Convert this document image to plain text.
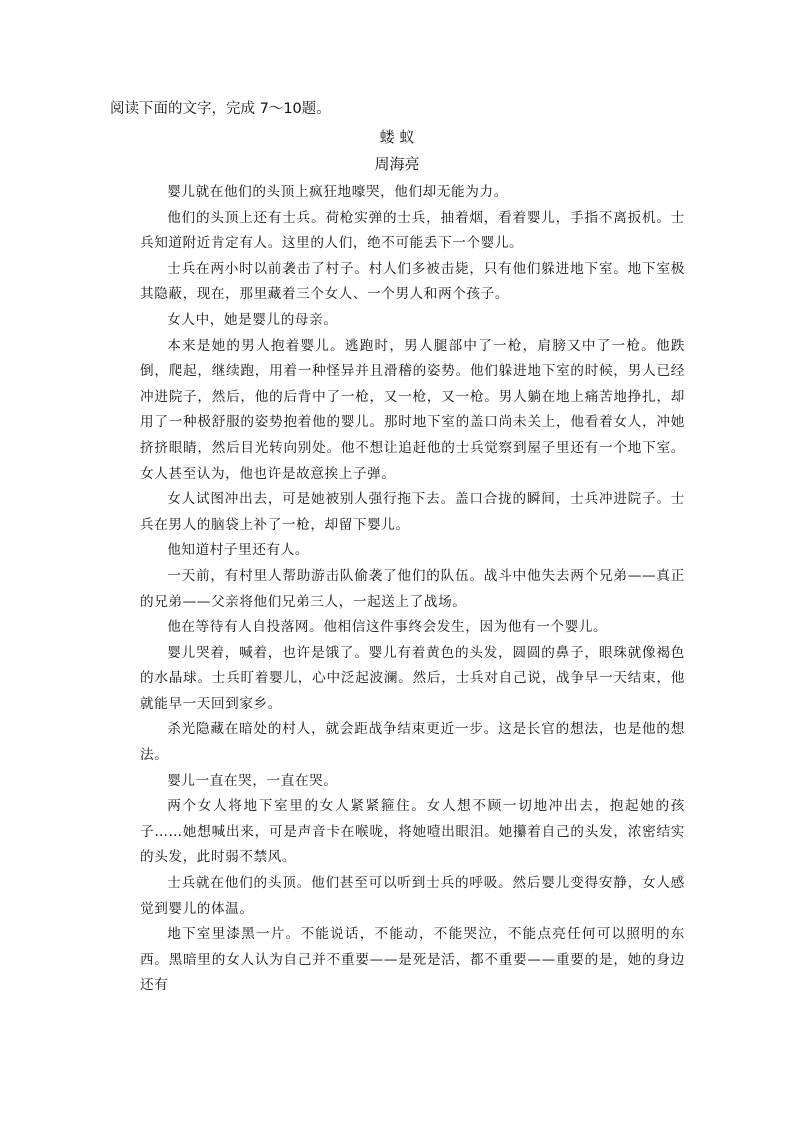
阅读下面的文字，完成 7～10题。
蝼 蚁
周海亮

婴儿就在他们的头顶上疯狂地嚎哭，他们却无能为力。

他们的头顶上还有士兵。荷枪实弹的士兵，抽着烟，看着婴儿，手指不离扳机。士兵知道附近肯定有人。这里的人们，绝不可能丢下一个婴儿。

士兵在两小时以前袭击了村子。村人们多被击毙，只有他们躲进地下室。地下室极其隐蔽，现在，那里藏着三个女人、一个男人和两个孩子。

女人中，她是婴儿的母亲。

本来是她的男人抱着婴儿。逃跑时，男人腿部中了一枪，肩膀又中了一枪。他跌倒，爬起，继续跑，用着一种怪异并且滑稽的姿势。他们躲进地下室的时候，男人已经冲进院子，然后，他的后背中了一枪，又一枪，又一枪。男人躺在地上痛苦地挣扎，却用了一种极舒服的姿势抱着他的婴儿。那时地下室的盖口尚未关上，他看着女人，冲她挤挤眼睛，然后目光转向别处。他不想让追赶他的士兵觉察到屋子里还有一个地下室。女人甚至认为，他也许是故意挨上子弹。

女人试图冲出去，可是她被别人强行拖下去。盖口合拢的瞬间，士兵冲进院子。士兵在男人的脑袋上补了一枪，却留下婴儿。

他知道村子里还有人。

一天前，有村里人帮助游击队偷袭了他们的队伍。战斗中他失去两个兄弟——真正的兄弟——父亲将他们兄弟三人，一起送上了战场。

他在等待有人自投落网。他相信这件事终会发生，因为他有一个婴儿。

婴儿哭着，喊着，也许是饿了。婴儿有着黄色的头发，圆圆的鼻子，眼珠就像褐色的水晶球。士兵盯着婴儿，心中泛起波澜。然后，士兵对自己说，战争早一天结束，他就能早一天回到家乡。

杀光隐藏在暗处的村人，就会距战争结束更近一步。这是长官的想法，也是他的想法。

婴儿一直在哭，一直在哭。

两个女人将地下室里的女人紧紧箍住。女人想不顾一切地冲出去，抱起她的孩子……她想喊出来，可是声音卡在喉咙，将她噎出眼泪。她攥着自己的头发，浓密结实的头发，此时弱不禁风。

士兵就在他们的头顶。他们甚至可以听到士兵的呼吸。然后婴儿变得安静，女人感觉到婴儿的体温。

地下室里漆黑一片。不能说话，不能动，不能哭泣，不能点亮任何可以照明的东西。黑暗里的女人认为自己并不重要——是死是活，都不重要——重要的是，她的身边还有
